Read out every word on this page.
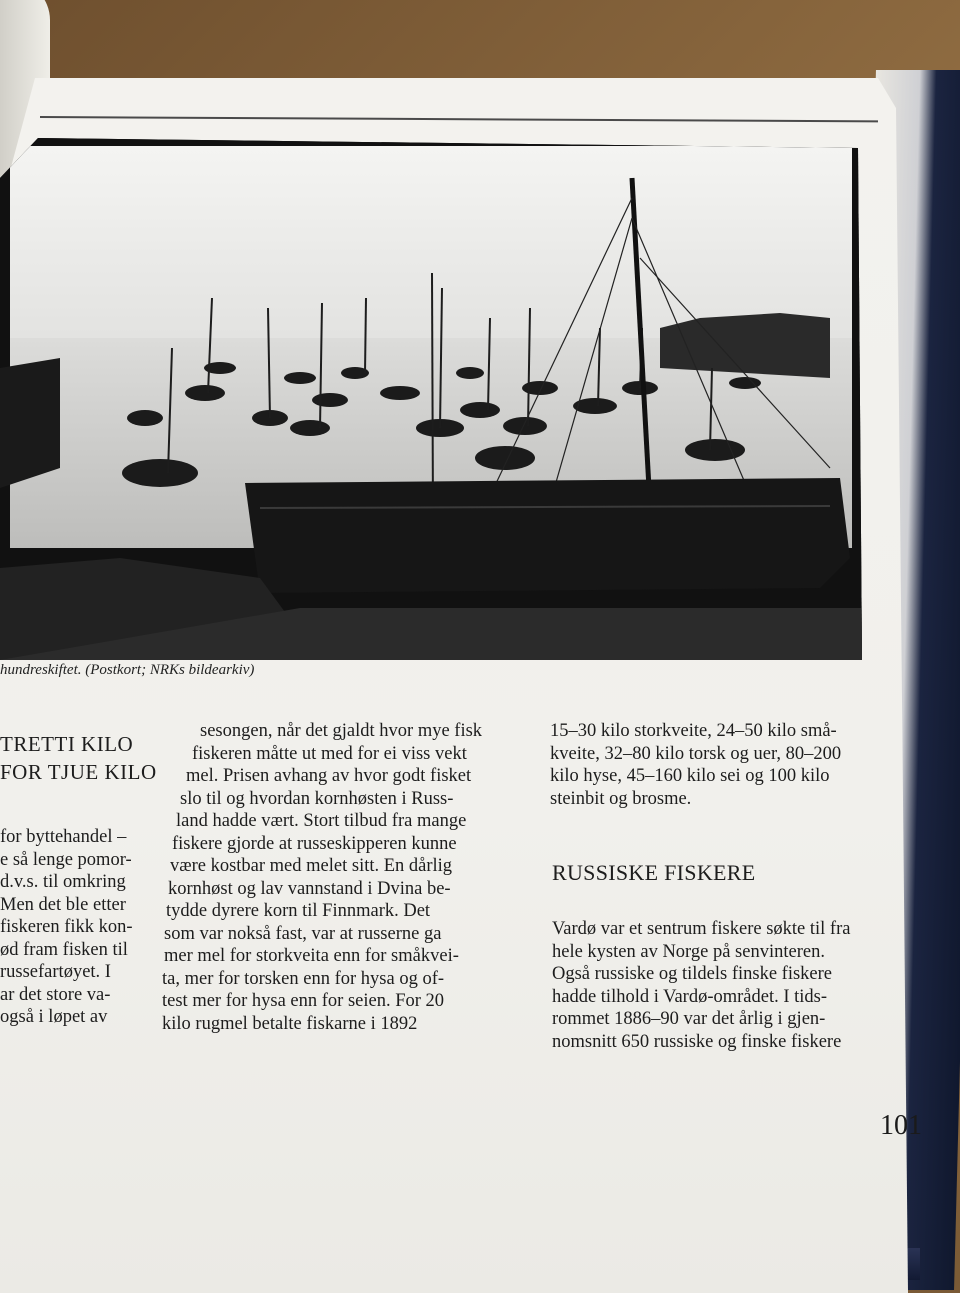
hundreskiftet. (Postkort; NRKs bildearkiv)

TRETTI KILO

FOR TJUE KILO

for byttehandel –

e så lenge pomor-

d.v.s. til omkring

Men det ble etter

fiskeren fikk kon-

ød fram fisken til

russefartøyet. I

ar det store va-

også i løpet av

sesongen, når det gjaldt hvor mye fisk

fiskeren måtte ut med for ei viss vekt

mel. Prisen avhang av hvor godt fisket

slo til og hvordan kornhøsten i Russ-

land hadde vært. Stort tilbud fra mange

fiskere gjorde at russeskipperen kunne

være kostbar med melet sitt. En dårlig

kornhøst og lav vannstand i Dvina be-

tydde dyrere korn til Finnmark. Det

som var nokså fast, var at russerne ga

mer mel for storkveita enn for småkvei-

ta, mer for torsken enn for hysa og of-

test mer for hysa enn for seien. For 20

kilo rugmel betalte fiskarne i 1892

15–30 kilo storkveite, 24–50 kilo små-

kveite, 32–80 kilo torsk og uer, 80–200

kilo hyse, 45–160 kilo sei og 100 kilo

steinbit og brosme.

RUSSISKE FISKERE

Vardø var et sentrum fiskere søkte til fra

hele kysten av Norge på senvinteren.

Også russiske og tildels finske fiskere

hadde tilhold i Vardø-området. I tids-

rommet 1886–90 var det årlig i gjen-

nomsnitt 650 russiske og finske fiskere

101
